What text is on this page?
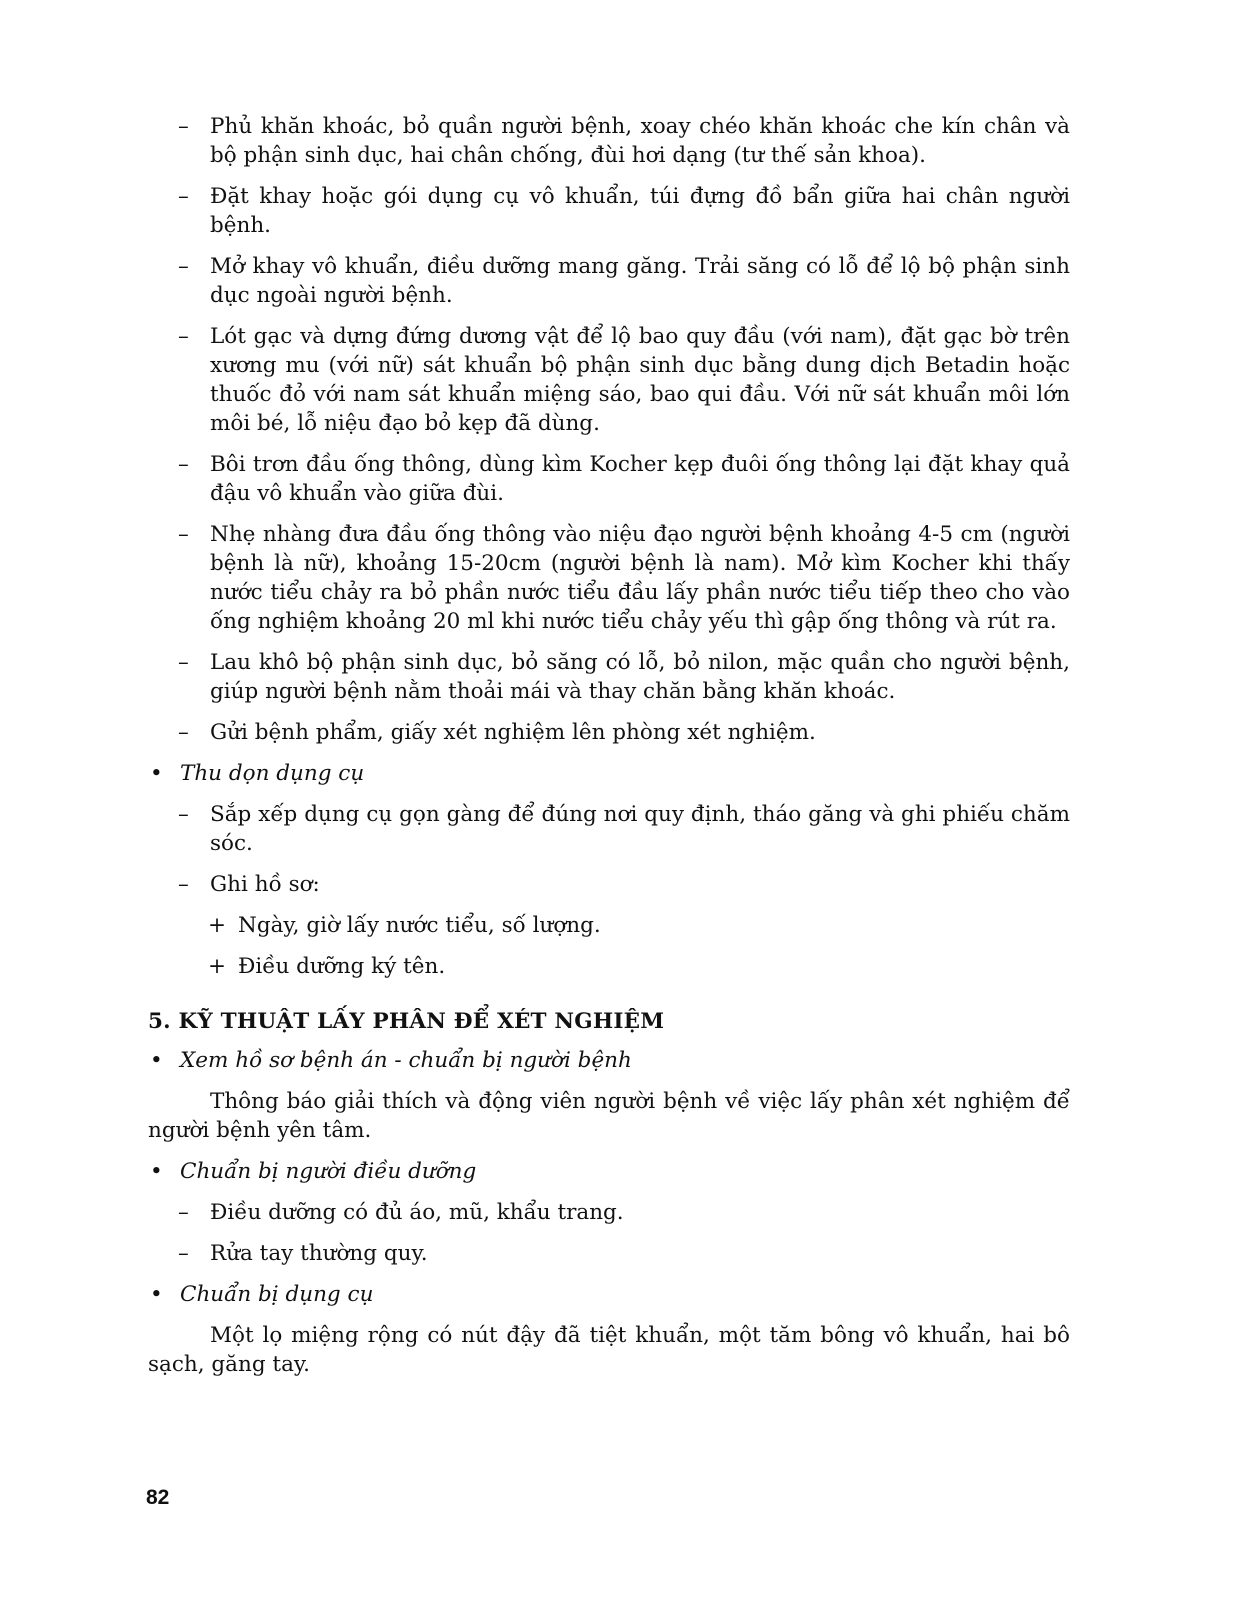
– Phủ khăn khoác, bỏ quần người bệnh, xoay chéo khăn khoác che kín chân và bộ phận sinh dục, hai chân chống, đùi hơi dạng (tư thế sản khoa).
– Đặt khay hoặc gói dụng cụ vô khuẩn, túi đựng đồ bẩn giữa hai chân người bệnh.
– Mở khay vô khuẩn, điều dưỡng mang găng. Trải săng có lỗ để lộ bộ phận sinh dục ngoài người bệnh.
– Lót gạc và dựng đứng dương vật để lộ bao quy đầu (với nam), đặt gạc bờ trên xương mu (với nữ) sát khuẩn bộ phận sinh dục bằng dung dịch Betadin hoặc thuốc đỏ với nam sát khuẩn miệng sáo, bao qui đầu. Với nữ sát khuẩn môi lớn môi bé, lỗ niệu đạo bỏ kẹp đã dùng.
– Bôi trơn đầu ống thông, dùng kìm Kocher kẹp đuôi ống thông lại đặt khay quả đậu vô khuẩn vào giữa đùi.
– Nhẹ nhàng đưa đầu ống thông vào niệu đạo người bệnh khoảng 4-5 cm (người bệnh là nữ), khoảng 15-20cm (người bệnh là nam). Mở kìm Kocher khi thấy nước tiểu chảy ra bỏ phần nước tiểu đầu lấy phần nước tiểu tiếp theo cho vào ống nghiệm khoảng 20 ml khi nước tiểu chảy yếu thì gập ống thông và rút ra.
– Lau khô bộ phận sinh dục, bỏ săng có lỗ, bỏ nilon, mặc quần cho người bệnh, giúp người bệnh nằm thoải mái và thay chăn bằng khăn khoác.
– Gửi bệnh phẩm, giấy xét nghiệm lên phòng xét nghiệm.
• Thu dọn dụng cụ
– Sắp xếp dụng cụ gọn gàng để đúng nơi quy định, tháo găng và ghi phiếu chăm sóc.
– Ghi hồ sơ:
+ Ngày, giờ lấy nước tiểu, số lượng.
+ Điều dưỡng ký tên.
5. KỸ THUẬT LẤY PHÂN ĐỂ XÉT NGHIỆM
• Xem hồ sơ bệnh án - chuẩn bị người bệnh
Thông báo giải thích và động viên người bệnh về việc lấy phân xét nghiệm để người bệnh yên tâm.
• Chuẩn bị người điều dưỡng
– Điều dưỡng có đủ áo, mũ, khẩu trang.
– Rửa tay thường quy.
• Chuẩn bị dụng cụ
Một lọ miệng rộng có nút đậy đã tiệt khuẩn, một tăm bông vô khuẩn, hai bô sạch, găng tay.
82
